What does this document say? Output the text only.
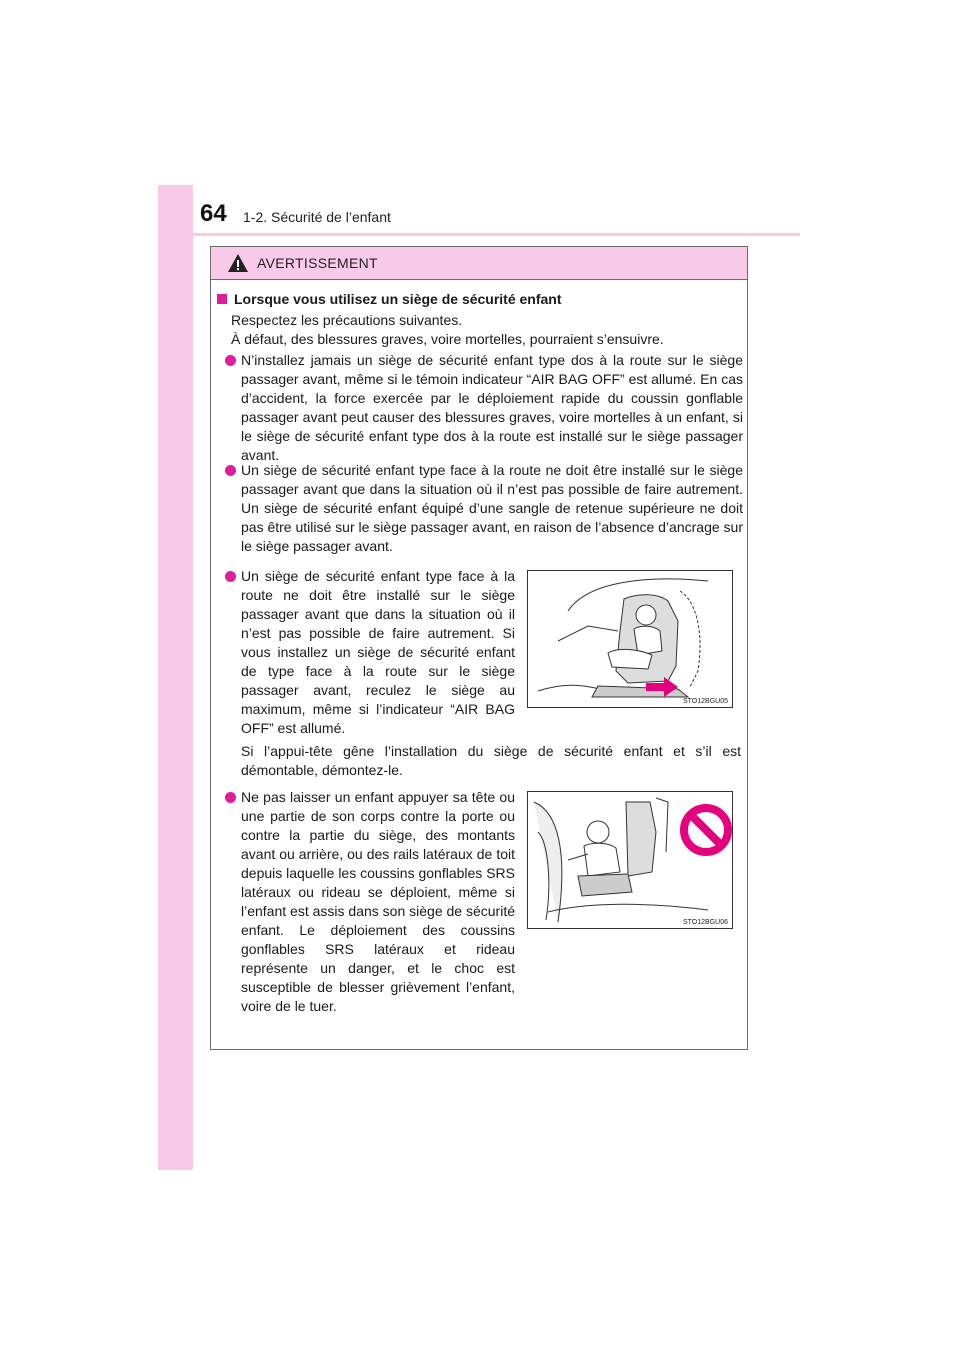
64 1-2. Sécurité de l’enfant
AVERTISSEMENT
Lorsque vous utilisez un siège de sécurité enfant
Respectez les précautions suivantes.
À défaut, des blessures graves, voire mortelles, pourraient s’ensuivre.
N’installez jamais un siège de sécurité enfant type dos à la route sur le siège passager avant, même si le témoin indicateur “AIR BAG OFF” est allumé. En cas d’accident, la force exercée par le déploiement rapide du coussin gonflable passager avant peut causer des blessures graves, voire mortelles à un enfant, si le siège de sécurité enfant type dos à la route est installé sur le siège passager avant.
Un siège de sécurité enfant type face à la route ne doit être installé sur le siège passager avant que dans la situation où il n’est pas possible de faire autrement. Un siège de sécurité enfant équipé d’une sangle de retenue supérieure ne doit pas être utilisé sur le siège passager avant, en raison de l’absence d’ancrage sur le siège passager avant.
Un siège de sécurité enfant type face à la route ne doit être installé sur le siège passager avant que dans la situation où il n’est pas possible de faire autrement. Si vous installez un siège de sécurité enfant de type face à la route sur le siège passager avant, reculez le siège au maximum, même si l’indicateur “AIR BAG OFF” est allumé.
STO12BGU05
Si l’appui-tête gêne l’installation du siège de sécurité enfant et s’il est démontable, démontez-le.
Ne pas laisser un enfant appuyer sa tête ou une partie de son corps contre la porte ou contre la partie du siège, des montants avant ou arrière, ou des rails latéraux de toit depuis laquelle les coussins gonflables SRS latéraux ou rideau se déploient, même si l’enfant est assis dans son siège de sécurité enfant. Le déploiement des coussins gonflables SRS latéraux et rideau représente un danger, et le choc est susceptible de blesser grièvement l’enfant, voire de le tuer.
STO12BGU06
